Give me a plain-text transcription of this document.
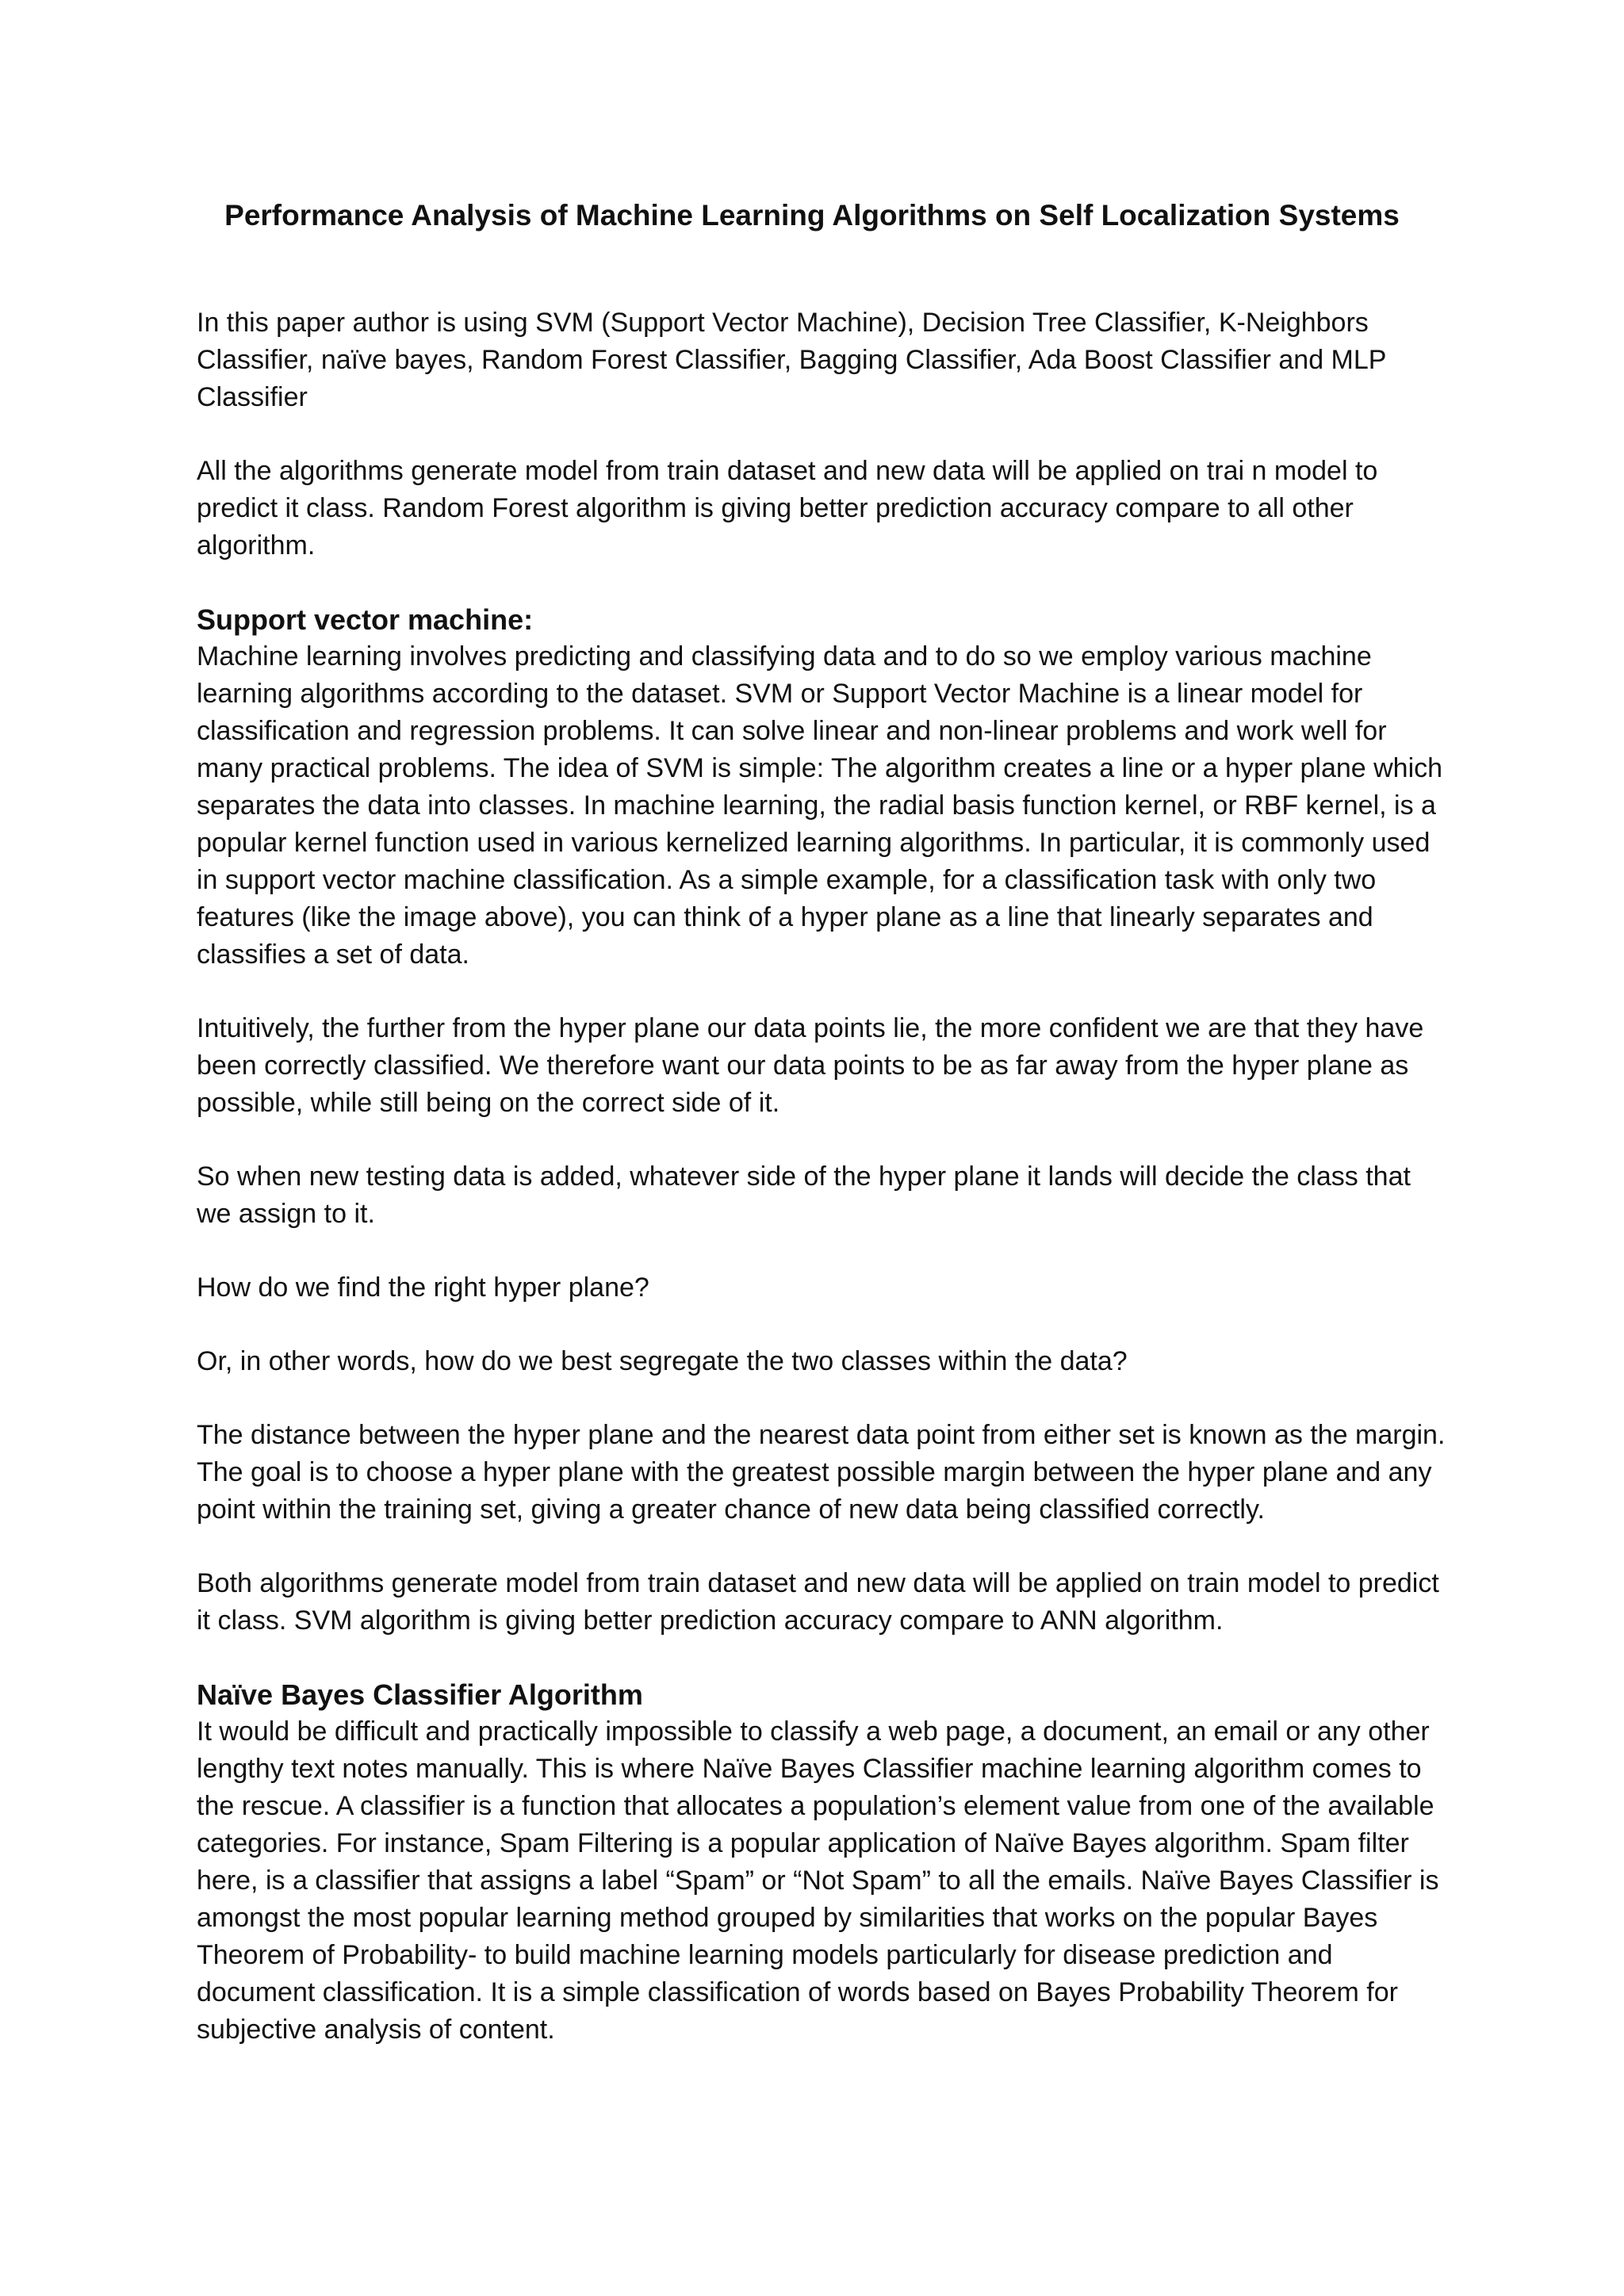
Performance Analysis of Machine Learning Algorithms on Self Localization Systems

In this paper author is using SVM (Support Vector Machine), Decision Tree Classifier, K-Neighbors Classifier, naïve bayes, Random Forest Classifier, Bagging Classifier, Ada Boost Classifier and MLP Classifier

All the algorithms generate model from train dataset and new data will be applied on trai n model to predict it class. Random Forest algorithm is giving better prediction accuracy compare to all other algorithm.

Support vector machine:

Machine learning involves predicting and classifying data and to do so we employ various machine learning algorithms according to the dataset. SVM or Support Vector Machine is a linear model for classification and regression problems. It can solve linear and non-linear problems and work well for many practical problems. The idea of SVM is simple: The algorithm creates a line or a hyper plane which separates the data into classes. In machine learning, the radial basis function kernel, or RBF kernel, is a popular kernel function used in various kernelized learning algorithms. In particular, it is commonly used in support vector machine classification. As a simple example, for a classification task with only two features (like the image above), you can think of a hyper plane as a line that linearly separates and classifies a set of data.

Intuitively, the further from the hyper plane our data points lie, the more confident we are that they have been correctly classified. We therefore want our data points to be as far away from the hyper plane as possible, while still being on the correct side of it.

So when new testing data is added, whatever side of the hyper plane it lands will decide the class that we assign to it.

How do we find the right hyper plane?

Or, in other words, how do we best segregate the two classes within the data?

The distance between the hyper plane and the nearest data point from either set is known as the margin. The goal is to choose a hyper plane with the greatest possible margin between the hyper plane and any point within the training set, giving a greater chance of new data being classified correctly.

Both algorithms generate model from train dataset and new data will be applied on train model to predict it class. SVM algorithm is giving better prediction accuracy compare to ANN algorithm.

Naïve Bayes Classifier Algorithm

It would be difficult and practically impossible to classify a web page, a document, an email or any other lengthy text notes manually. This is where Naïve Bayes Classifier machine learning algorithm comes to the rescue. A classifier is a function that allocates a population’s element value from one of the available categories. For instance, Spam Filtering is a popular application of Naïve Bayes algorithm. Spam filter here, is a classifier that assigns a label “Spam” or “Not Spam” to all the emails. Naïve Bayes Classifier is amongst the most popular learning method grouped by similarities that works on the popular Bayes Theorem of Probability- to build machine learning models particularly for disease prediction and document classification. It is a simple classification of words based on Bayes Probability Theorem for subjective analysis of content.
